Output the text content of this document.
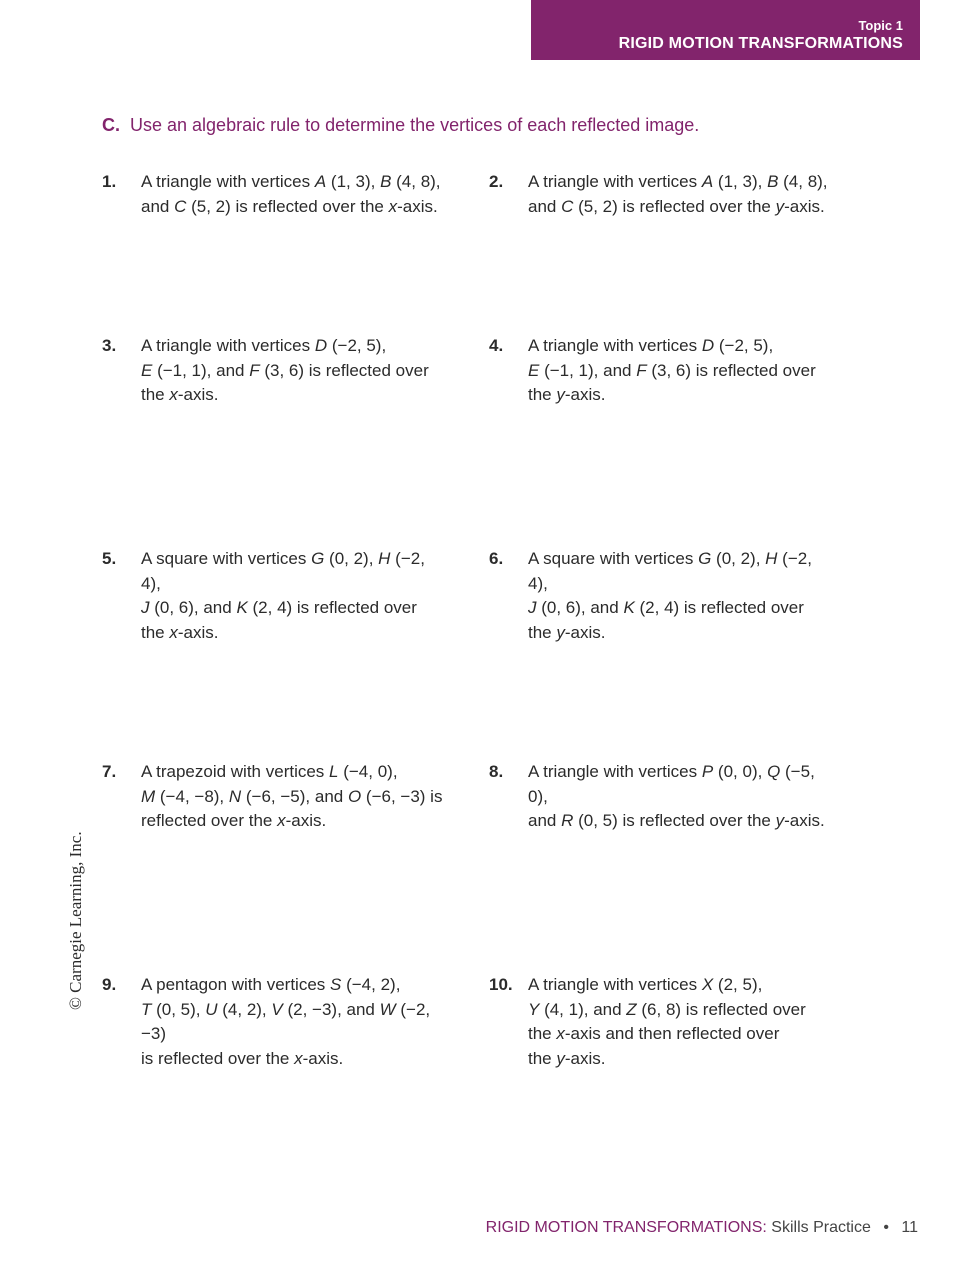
Topic 1
RIGID MOTION TRANSFORMATIONS
C. Use an algebraic rule to determine the vertices of each reflected image.
1. A triangle with vertices A (1, 3), B (4, 8),
and C (5, 2) is reflected over the x-axis.
2. A triangle with vertices A (1, 3), B (4, 8),
and C (5, 2) is reflected over the y-axis.
3. A triangle with vertices D (−2, 5),
E (−1, 1), and F (3, 6) is reflected over
the x-axis.
4. A triangle with vertices D (−2, 5),
E (−1, 1), and F (3, 6) is reflected over
the y-axis.
5. A square with vertices G (0, 2), H (−2, 4),
J (0, 6), and K (2, 4) is reflected over
the x-axis.
6. A square with vertices G (0, 2), H (−2, 4),
J (0, 6), and K (2, 4) is reflected over
the y-axis.
7. A trapezoid with vertices L (−4, 0),
M (−4, −8), N (−6, −5), and O (−6, −3) is
reflected over the x-axis.
8. A triangle with vertices P (0, 0), Q (−5, 0),
and R (0, 5) is reflected over the y-axis.
9. A pentagon with vertices S (−4, 2),
T (0, 5), U (4, 2), V (2, −3), and W (−2, −3)
is reflected over the x-axis.
10. A triangle with vertices X (2, 5),
Y (4, 1), and Z (6, 8) is reflected over
the x-axis and then reflected over
the y-axis.
© Carnegie Learning, Inc.
RIGID MOTION TRANSFORMATIONS: Skills Practice • 11
